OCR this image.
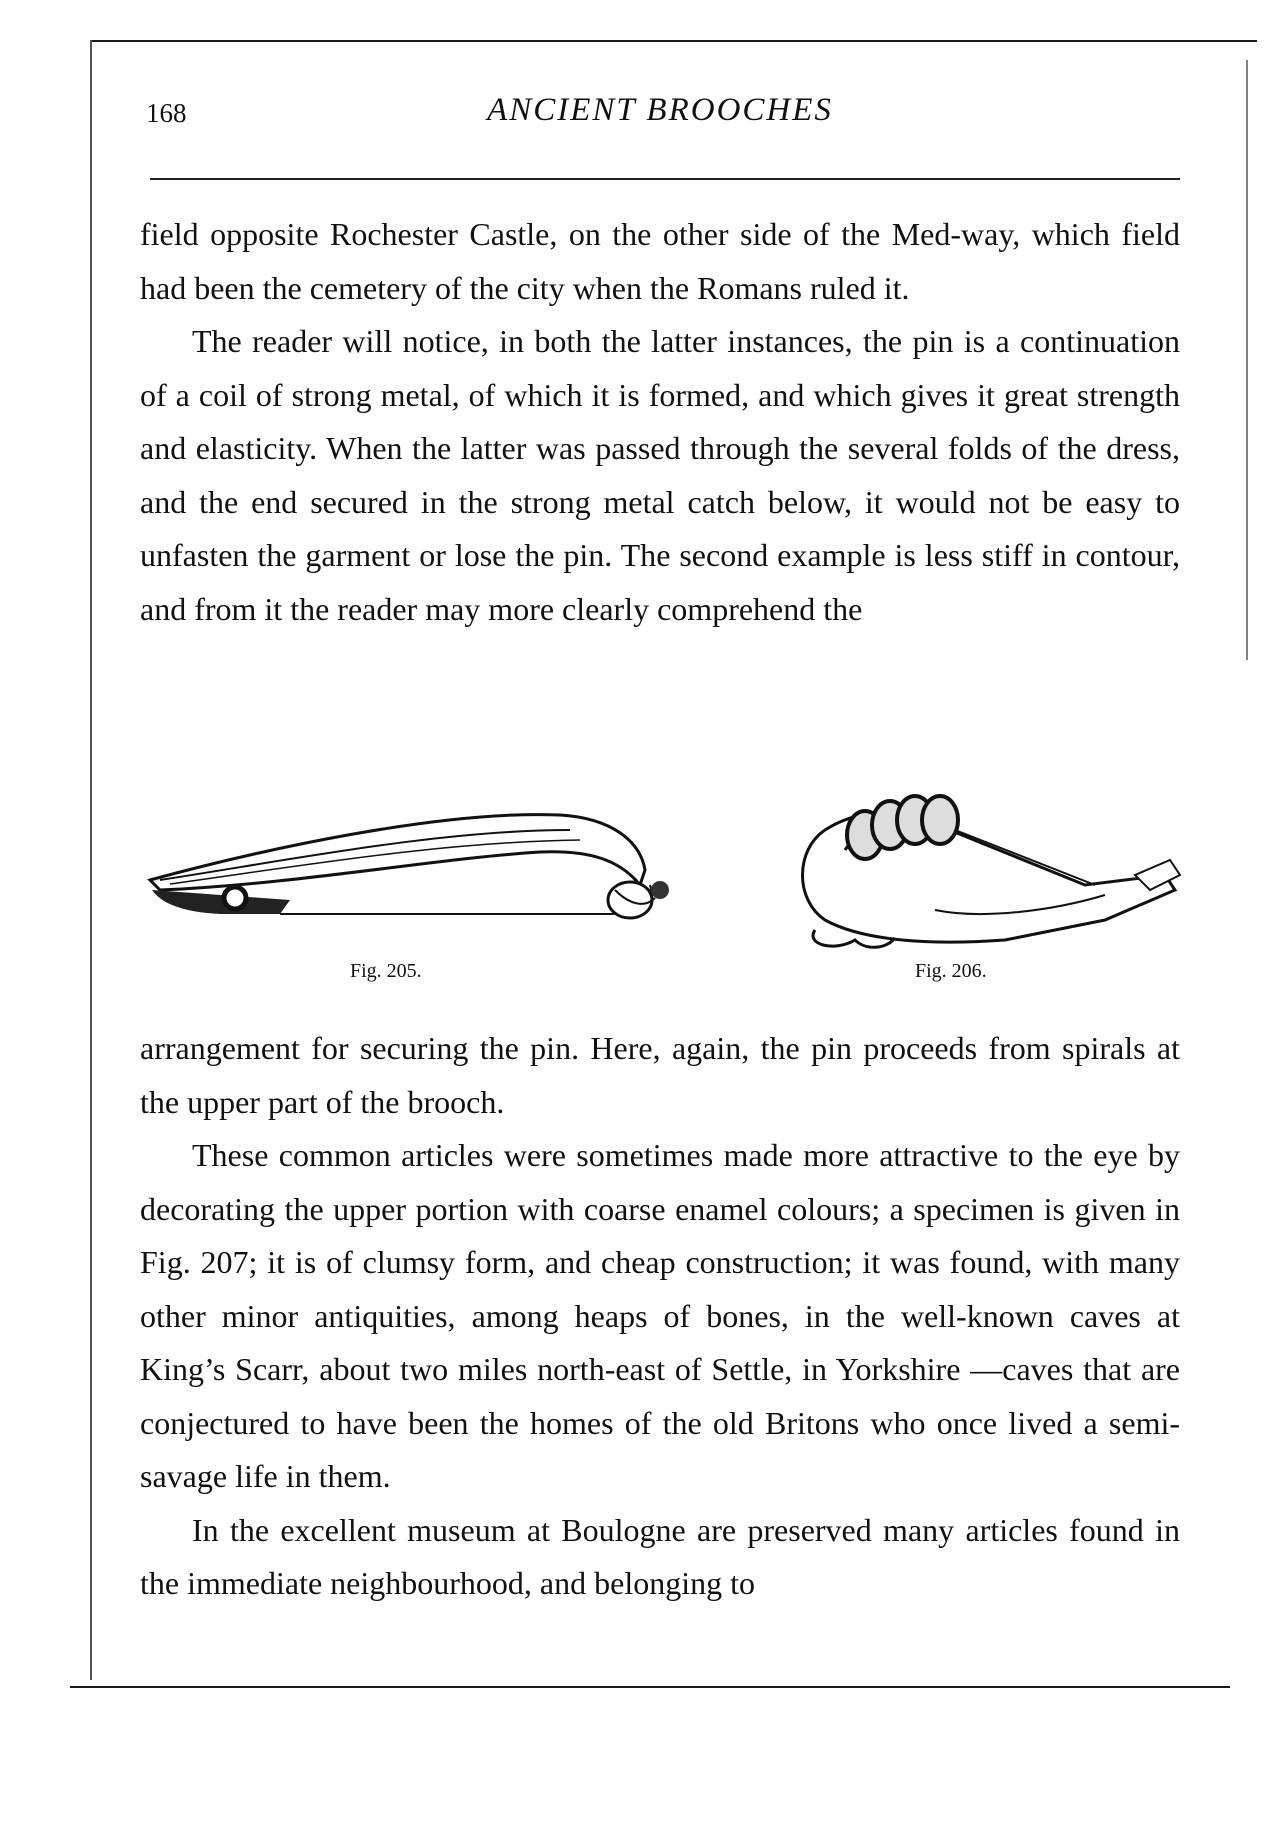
168	ANCIENT BROOCHES

field opposite Rochester Castle, on the other side of the Med-way, which field had been the cemetery of the city when the Romans ruled it.

The reader will notice, in both the latter instances, the pin is a continuation of a coil of strong metal, of which it is formed, and which gives it great strength and elasticity. When the latter was passed through the several folds of the dress, and the end secured in the strong metal catch below, it would not be easy to unfasten the garment or lose the pin. The second example is less stiff in contour, and from it the reader may more clearly comprehend the

Fig. 205.	Fig. 206.

arrangement for securing the pin. Here, again, the pin proceeds from spirals at the upper part of the brooch.

These common articles were sometimes made more attractive to the eye by decorating the upper portion with coarse enamel colours; a specimen is given in Fig. 207; it is of clumsy form, and cheap construction; it was found, with many other minor antiquities, among heaps of bones, in the well-known caves at King’s Scarr, about two miles north-east of Settle, in Yorkshire —caves that are conjectured to have been the homes of the old Britons who once lived a semi-savage life in them.

In the excellent museum at Boulogne are preserved many articles found in the immediate neighbourhood, and belonging to
